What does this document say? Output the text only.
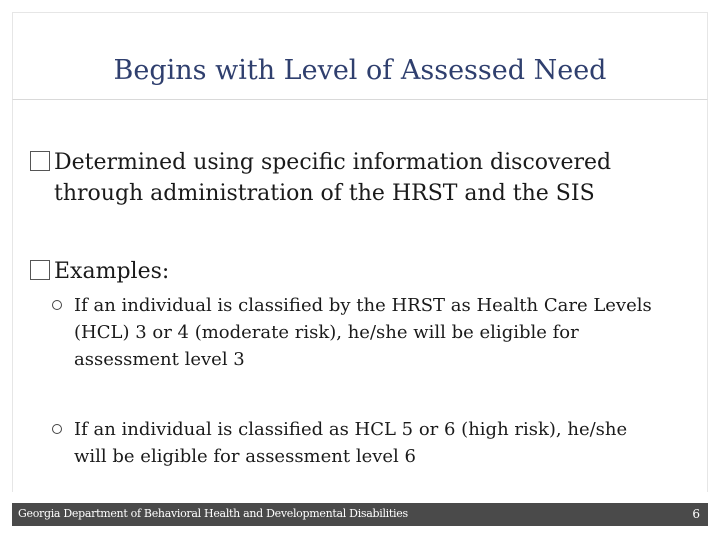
Begins with Level of Assessed Need
Determined using specific information discovered
through administration of the HRST and the SIS
Examples:
If an individual is classified by the HRST as Health Care Levels
(HCL) 3 or 4 (moderate risk), he/she will be eligible for
assessment level 3
If an individual is classified as HCL 5 or 6 (high risk), he/she
will be eligible for assessment level 6
Georgia Department of Behavioral Health and Developmental Disabilities	6
